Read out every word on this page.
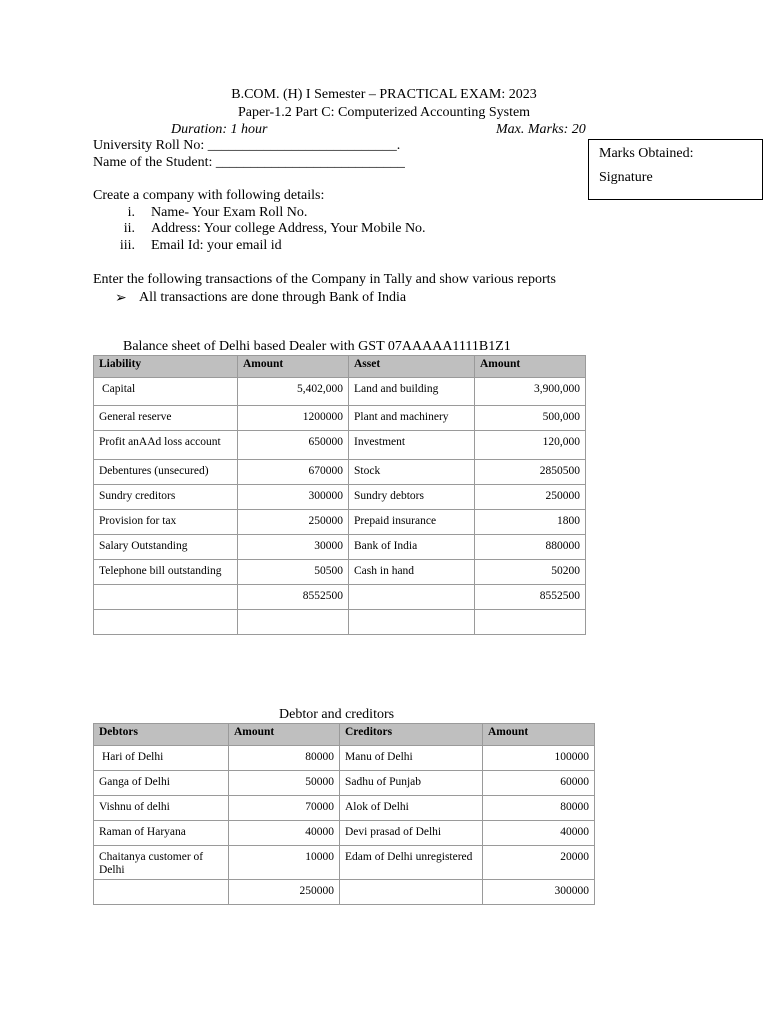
B.COM. (H) I Semester – PRACTICAL EXAM: 2023
Paper-1.2 Part C: Computerized Accounting System
Duration: 1 hour	Max. Marks: 20
University Roll No: ___________________________.
Name of the Student: ___________________________
Marks Obtained:
Signature
Create a company with following details:
i. Name- Your Exam Roll No.
ii. Address: Your college Address, Your Mobile No.
iii. Email Id: your email id
Enter the following transactions of the Company in Tally and show various reports
➢ All transactions are done through Bank of India
Balance sheet of Delhi based Dealer with GST 07AAAAA1111B1Z1
Liability	Amount	Asset	Amount
Capital	5,402,000	Land and building	3,900,000
General reserve	1200000	Plant and machinery	500,000
Profit anAAd loss account	650000	Investment	120,000
Debentures (unsecured)	670000	Stock	2850500
Sundry creditors	300000	Sundry debtors	250000
Provision for tax	250000	Prepaid insurance	1800
Salary Outstanding	30000	Bank of India	880000
Telephone bill outstanding	50500	Cash in hand	50200
	8552500		8552500

Debtor and creditors
Debtors	Amount	Creditors	Amount
Hari of Delhi	80000	Manu of Delhi	100000
Ganga of Delhi	50000	Sadhu of Punjab	60000
Vishnu of delhi	70000	Alok of Delhi	80000
Raman of Haryana	40000	Devi prasad of Delhi	40000
Chaitanya customer of Delhi	10000	Edam of Delhi unregistered	20000
	250000		300000
